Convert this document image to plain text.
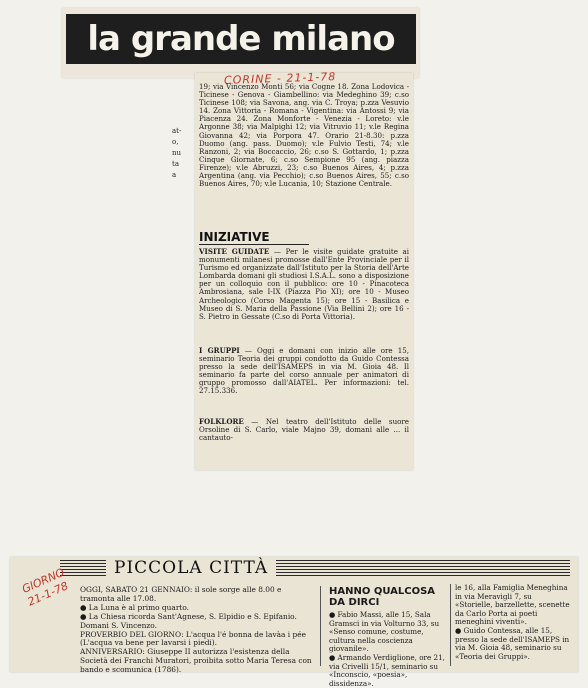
la grande milano
CORINE - 21-1-78
at-
o,
nu
ta
a
19; via Vincenzo Monti 56; via Cogne 18. Zona Lodovica - Ticinese - Genova - Giambellino: via Medeghino 39; c.so Ticinese 108; via Savona, ang. via C. Troya; p.zza Vesuvio 14. Zona Vittoria - Romana - Vigentina: via Antossi 9; via Piacenza 24. Zona Monforte - Venezia - Loreto: v.le Argonne 38; via Malpighi 12; via Vitruvio 11; v.le Regina Giovanna 42; via Porpora 47. Orario 21-8.30: p.zza Duomo (ang. pass. Duomo); v.le Fulvio Testi, 74; v.le Ranzoni, 2; via Boccaccio, 26; c.so S. Gottardo, 1; p.zza Cinque Giornate, 6; c.so Sempione 95 (ang. piazza Firenze); v.le Abruzzi, 23; c.so Buenos Aires, 4; p.zza Argentina (ang. via Pecchio); c.so Buenos Aires, 55; c.so Buenos Aires, 70; v.le Lucania, 10; Stazione Centrale.
INIZIATIVE
VISITE GUIDATE — Per le visite guidate gratuite ai monumenti milanesi promosse dall'Ente Provinciale per il Turismo ed organizzate dall'Istituto per la Storia dell'Arte Lombarda domani gli studiosi I.S.A.L. sono a disposizione per un colloquio con il pubblico: ore 10 - Pinacoteca Ambrosiana, sale I-IX (Piazza Pio XI); ore 10 - Museo Archeologico (Corso Magenta 15); ore 15 - Basilica e Museo di S. Maria della Passione (Via Bellini 2); ore 16 - S. Pietro in Gessate (C.so di Porta Vittoria).
I GRUPPI — Oggi e domani con inizio alle ore 15, seminario Teoria dei gruppi condotto da Guido Contessa presso la sede dell'ISAMEPS in via M. Gioia 48. Il seminario fa parte del corso annuale per animatori di gruppo promosso dall'AIATEL. Per informazioni: tel. 27.15.336.
FOLKLORE — Nel teatro dell'Istituto delle suore Orsoline di S. Carlo, viale Majno 39, domani alle ... il cantauto-
PICCOLA CITTÀ
GIORNO 21-1-78	OGGI, SABATO 21 GENNAIO: il sole sorge alle 8.00 e tramonta alle 17.08.

● La Luna è al primo quarto.

● La Chiesa ricorda Sant'Agnese, S. Elpidio e S. Epifanio. Domani S. Vincenzo.

PROVERBIO DEL GIORNO: L'acqua l'é bonna de lavàa i pée (L'acqua va bene per lavarsi i piedi).

ANNIVERSARIO: Giuseppe II autorizza l'esistenza della Società dei Franchi Muratori, proibita sotto Maria Teresa con bando e scomunica (1786).

HANNO QUALCOSA DA DIRCI
● Fabio Massi, alle 15, Sala Gramsci in via Volturno 33, su «Senso comune, costume, cultura nella coscienza giovanile».
● Armando Verdiglione, ore 21, via Crivelli 15/1, seminario su «Inconscio, «poesia», dissidenza».
le 16, alla Famiglia Meneghina in via Meravigli 7, su «Storielle, barzellette, scenette da Carlo Porta ai poeti meneghini viventi».
● Guido Contessa, alle 15, presso la sede dell'ISAMEPS in via M. Gioia 48, seminario su «Teoria dei Gruppi».
